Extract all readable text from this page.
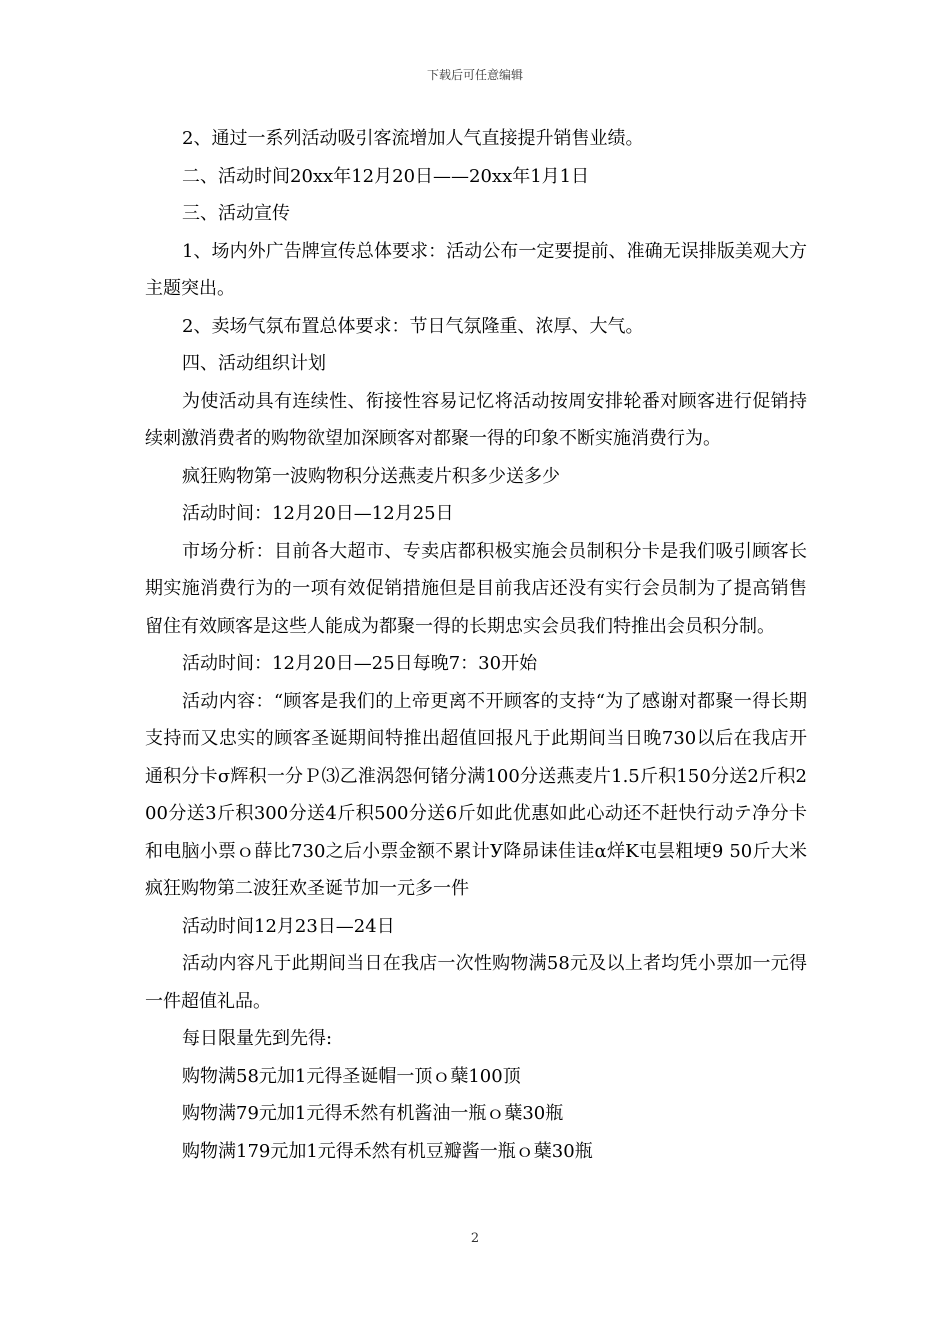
下载后可任意编辑

2、通过一系列活动吸引客流增加人气直接提升销售业绩。

二、活动时间20xx年12月20日——20xx年1月1日

三、活动宣传

1、场内外广告牌宣传总体要求：活动公布一定要提前、准确无误排版美观大方主题突出。

2、卖场气氛布置总体要求：节日气氛隆重、浓厚、大气。

四、活动组织计划

为使活动具有连续性、衔接性容易记忆将活动按周安排轮番对顾客进行促销持续刺激消费者的购物欲望加深顾客对都聚一得的印象不断实施消费行为。

疯狂购物第一波购物积分送燕麦片积多少送多少

活动时间：12月20日—12月25日

市场分析：目前各大超市、专卖店都积极实施会员制积分卡是我们吸引顾客长期实施消费行为的一项有效促销措施但是目前我店还没有实行会员制为了提高销售留住有效顾客是这些人能成为都聚一得的长期忠实会员我们特推出会员积分制。

活动时间：12月20日—25日每晚7：30开始

活动内容：“顾客是我们的上帝更离不开顾客的支持“为了感谢对都聚一得长期支持而又忠实的顾客圣诞期间特推出超值回报凡于此期间当日晚730以后在我店开通积分卡σ辉积一分Ｐ⑶乙淮涡怨何锗分满100分送燕麦片1.5斤积150分送2斤积200分送3斤积300分送4斤积500分送6斤如此优惠如此心动还不赶快行动テ净分卡和电脑小票ｏ薛比730之后小票金额不累计У降昴诔佳诖α烊K屯昙粗埂9 50斤大米疯狂购物第二波狂欢圣诞节加一元多一件

活动时间12月23日—24日

活动内容凡于此期间当日在我店一次性购物满58元及以上者均凭小票加一元得一件超值礼品。

每日限量先到先得:

购物满58元加1元得圣诞帽一顶ｏ蘖100顶

购物满79元加1元得禾然有机酱油一瓶ｏ蘖30瓶

购物满179元加1元得禾然有机豆瓣酱一瓶ｏ蘖30瓶

2
